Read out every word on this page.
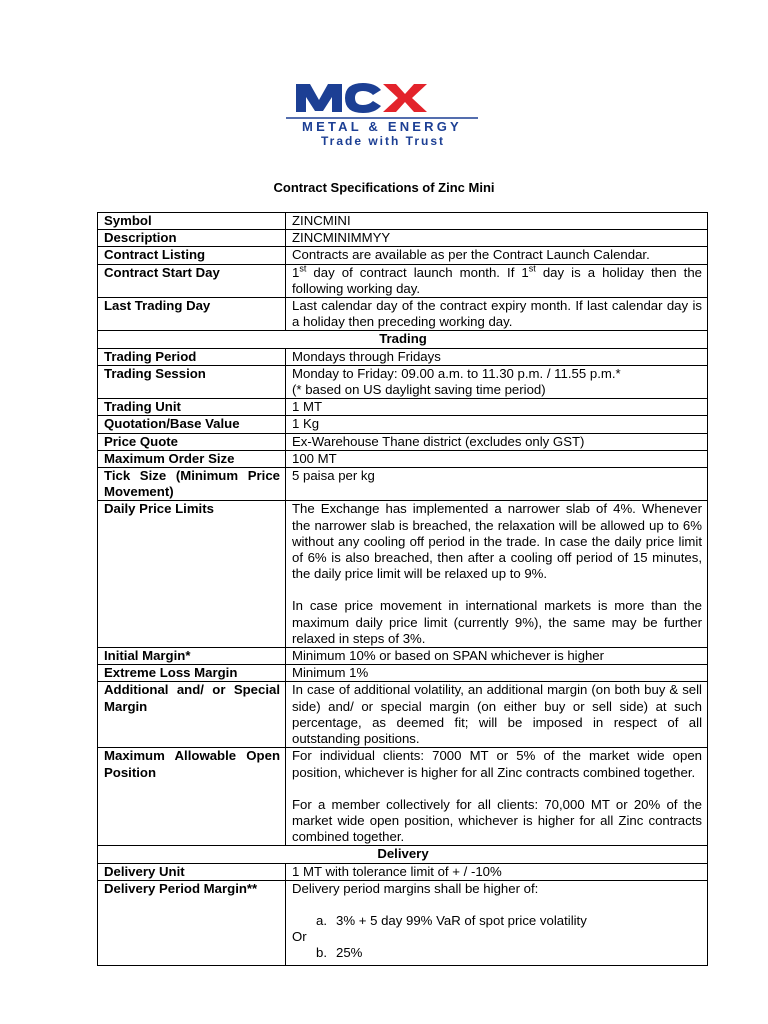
METAL & ENERGY
Trade with Trust
Contract Specifications of Zinc Mini
Symbol	ZINCMINI
Description	ZINCMINIMMYY
Contract Listing	Contracts are available as per the Contract Launch Calendar.
Contract Start Day	1st day of contract launch month. If 1st day is a holiday then the following working day.
Last Trading Day	Last calendar day of the contract expiry month. If last calendar day is a holiday then preceding working day.
Trading	
Trading Period	Mondays through Fridays
Trading Session	Monday to Friday: 09.00 a.m. to 11.30 p.m. / 11.55 p.m.*
(* based on US daylight saving time period)

Trading Unit	1 MT
Quotation/Base Value	1 Kg
Price Quote	Ex-Warehouse Thane district (excludes only GST)
Maximum Order Size	100 MT
Tick Size (Minimum Price Movement)	5 paisa per kg
Daily Price Limits	The Exchange has implemented a narrower slab of 4%. Whenever the narrower slab is breached, the relaxation will be allowed up to 6% without any cooling off period in the trade. In case the daily price limit of 6% is also breached, then after a cooling off period of 15 minutes, the daily price limit will be relaxed up to 9%.
In case price movement in international markets is more than the maximum daily price limit (currently 9%), the same may be further relaxed in steps of 3%.

Initial Margin*	Minimum 10% or based on SPAN whichever is higher
Extreme Loss Margin	Minimum 1%
Additional and/ or Special Margin	In case of additional volatility, an additional margin (on both buy & sell side) and/ or special margin (on either buy or sell side) at such percentage, as deemed fit; will be imposed in respect of all outstanding positions.
Maximum Allowable Open Position	For individual clients: 7000 MT or 5% of the market wide open position, whichever is higher for all Zinc contracts combined together.
For a member collectively for all clients: 70,000 MT or 20% of the market wide open position, whichever is higher for all Zinc contracts combined together.

Delivery	
Delivery Unit	1 MT with tolerance limit of + / -10%
Delivery Period Margin**	Delivery period margins shall be higher of:
a. 3% + 5 day 99% VaR of spot price volatility
Or
b. 25%
